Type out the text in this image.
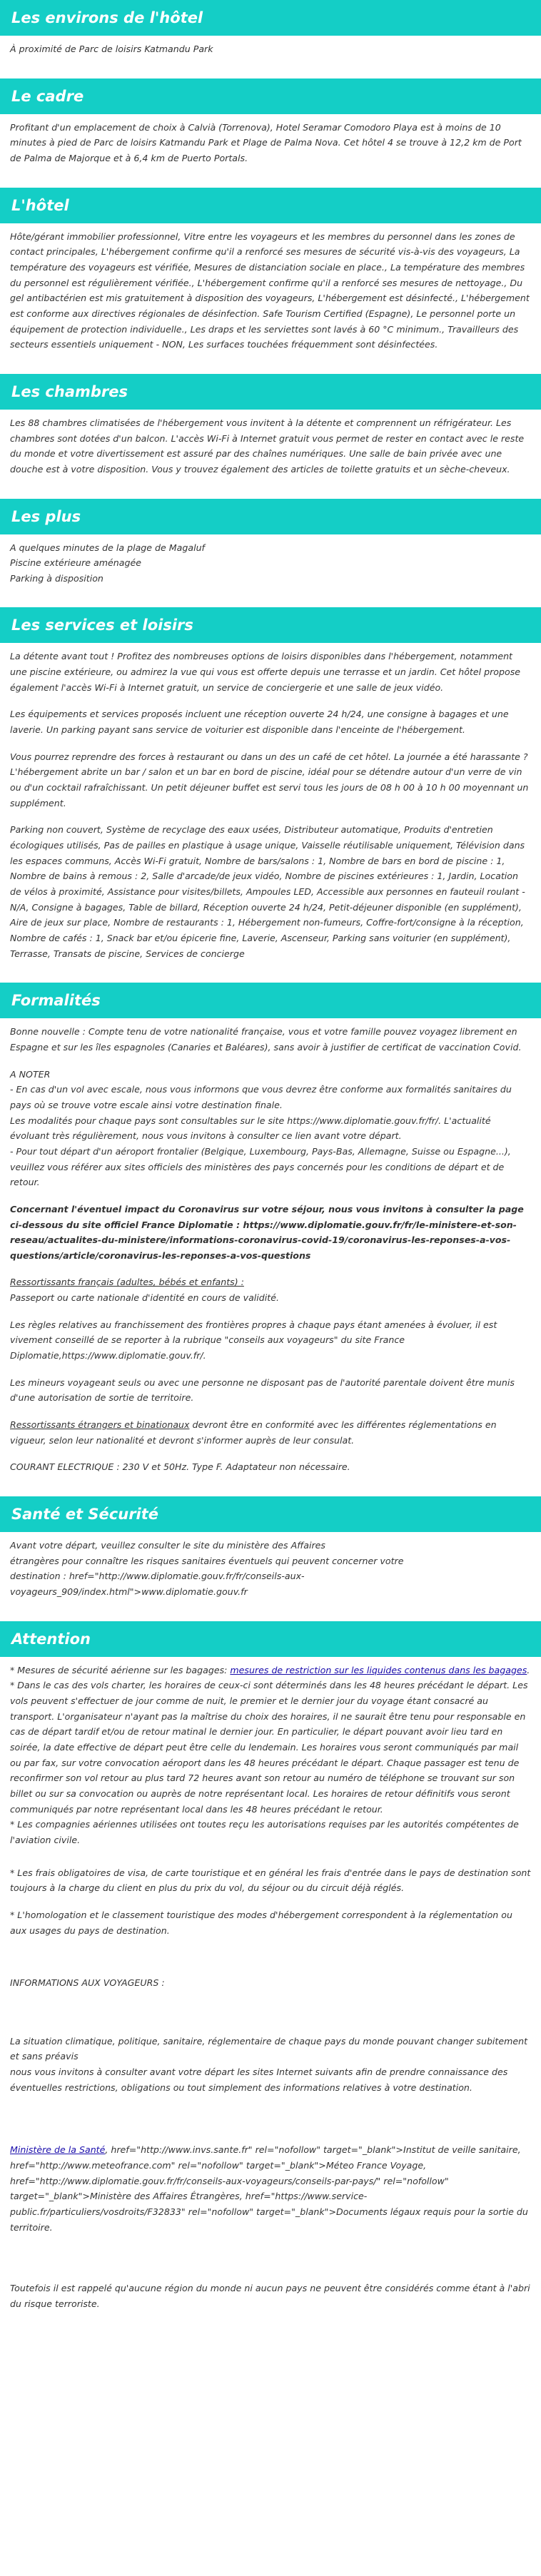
Les environs de l'hôtel

À proximité de Parc de loisirs Katmandu Park

Le cadre

Profitant d'un emplacement de choix à Calvià (Torrenova), Hotel Seramar Comodoro Playa est à moins de 10 minutes à pied de Parc de loisirs Katmandu Park et Plage de Palma Nova. Cet hôtel 4 se trouve à 12,2 km de Port de Palma de Majorque et à 6,4 km de Puerto Portals.

L'hôtel

Hôte/gérant immobilier professionnel, Vitre entre les voyageurs et les membres du personnel dans les zones de contact principales, L'hébergement confirme qu'il a renforcé ses mesures de sécurité vis-à-vis des voyageurs, La température des voyageurs est vérifiée, Mesures de distanciation sociale en place., La température des membres du personnel est régulièrement vérifiée., L'hébergement confirme qu'il a renforcé ses mesures de nettoyage., Du gel antibactérien est mis gratuitement à disposition des voyageurs, L'hébergement est désinfecté., L'hébergement est conforme aux directives régionales de désinfection. Safe Tourism Certified (Espagne), Le personnel porte un équipement de protection individuelle., Les draps et les serviettes sont lavés à 60 °C minimum., Travailleurs des secteurs essentiels uniquement - NON, Les surfaces touchées fréquemment sont désinfectées.

Les chambres

Les 88 chambres climatisées de l'hébergement vous invitent à la détente et comprennent un réfrigérateur. Les chambres sont dotées d'un balcon. L'accès Wi-Fi à Internet gratuit vous permet de rester en contact avec le reste du monde et votre divertissement est assuré par des chaînes numériques. Une salle de bain privée avec une douche est à votre disposition. Vous y trouvez également des articles de toilette gratuits et un sèche-cheveux.

Les plus

A quelques minutes de la plage de Magaluf
Piscine extérieure aménagée
Parking à disposition

Les services et loisirs

La détente avant tout ! Profitez des nombreuses options de loisirs disponibles dans l'hébergement, notamment une piscine extérieure, ou admirez la vue qui vous est offerte depuis une terrasse et un jardin. Cet hôtel propose également l'accès Wi-Fi à Internet gratuit, un service de conciergerie et une salle de jeux vidéo.

Les équipements et services proposés incluent une réception ouverte 24 h/24, une consigne à bagages et une laverie. Un parking payant sans service de voiturier est disponible dans l'enceinte de l'hébergement.

Vous pourrez reprendre des forces à restaurant ou dans un des un café de cet hôtel. La journée a été harassante ? L'hébergement abrite un bar / salon et un bar en bord de piscine, idéal pour se détendre autour d'un verre de vin ou d'un cocktail rafraîchissant. Un petit déjeuner buffet est servi tous les jours de 08 h 00 à 10 h 00 moyennant un supplément.

Parking non couvert, Système de recyclage des eaux usées, Distributeur automatique, Produits d'entretien écologiques utilisés, Pas de pailles en plastique à usage unique, Vaisselle réutilisable uniquement, Télévision dans les espaces communs, Accès Wi-Fi gratuit, Nombre de bars/salons : 1, Nombre de bars en bord de piscine : 1, Nombre de bains à remous : 2, Salle d'arcade/de jeux vidéo, Nombre de piscines extérieures : 1, Jardin, Location de vélos à proximité, Assistance pour visites/billets, Ampoules LED, Accessible aux personnes en fauteuil roulant - N/A, Consigne à bagages, Table de billard, Réception ouverte 24 h/24, Petit-déjeuner disponible (en supplément), Aire de jeux sur place, Nombre de restaurants : 1, Hébergement non-fumeurs, Coffre-fort/consigne à la réception, Nombre de cafés : 1, Snack bar et/ou épicerie fine, Laverie, Ascenseur, Parking sans voiturier (en supplément), Terrasse, Transats de piscine, Services de concierge

Formalités

Bonne nouvelle : Compte tenu de votre nationalité française, vous et votre famille pouvez voyagez librement en Espagne et sur les îles espagnoles (Canaries et Baléares), sans avoir à justifier de certificat de vaccination Covid.

A NOTER
- En cas d'un vol avec escale, nous vous informons que vous devrez être conforme aux formalités sanitaires du pays où se trouve votre escale ainsi votre destination finale.
Les modalités pour chaque pays sont consultables sur le site https://www.diplomatie.gouv.fr/fr/. L'actualité évoluant très régulièrement, nous vous invitons à consulter ce lien avant votre départ.
- Pour tout départ d'un aéroport frontalier (Belgique, Luxembourg, Pays-Bas, Allemagne, Suisse ou Espagne...), veuillez vous référer aux sites officiels des ministères des pays concernés pour les conditions de départ et de retour.

Concernant l'éventuel impact du Coronavirus sur votre séjour, nous vous invitons à consulter la page ci-dessous du site officiel France Diplomatie : https://www.diplomatie.gouv.fr/fr/le-ministere-et-son-reseau/actualites-du-ministere/informations-coronavirus-covid-19/coronavirus-les-reponses-a-vos-questions/article/coronavirus-les-reponses-a-vos-questions

Ressortissants français (adultes, bébés et enfants) :
Passeport ou carte nationale d'identité en cours de validité.

Les règles relatives au franchissement des frontières propres à chaque pays étant amenées à évoluer, il est vivement conseillé de se reporter à la rubrique "conseils aux voyageurs" du site France Diplomatie,https://www.diplomatie.gouv.fr/.

Les mineurs voyageant seuls ou avec une personne ne disposant pas de l'autorité parentale doivent être munis d'une autorisation de sortie de territoire.

Ressortissants étrangers et binationaux devront être en conformité avec les différentes réglementations en vigueur, selon leur nationalité et devront s'informer auprès de leur consulat.

COURANT ELECTRIQUE : 230 V et 50Hz. Type F. Adaptateur non nécessaire.

Santé et Sécurité

Avant votre départ, veuillez consulter le site du ministère des Affaires
étrangères pour connaître les risques sanitaires éventuels qui peuvent concerner votre
destination : href="http://www.diplomatie.gouv.fr/fr/conseils-aux-voyageurs_909/index.html">www.diplomatie.gouv.fr

Attention

* Mesures de sécurité aérienne sur les bagages: mesures de restriction sur les liquides contenus dans les bagages.
* Dans le cas des vols charter, les horaires de ceux-ci sont déterminés dans les 48 heures précédant le départ. Les vols peuvent s'effectuer de jour comme de nuit, le premier et le dernier jour du voyage étant consacré au transport. L'organisateur n'ayant pas la maîtrise du choix des horaires, il ne saurait être tenu pour responsable en cas de départ tardif et/ou de retour matinal le dernier jour. En particulier, le départ pouvant avoir lieu tard en soirée, la date effective de départ peut être celle du lendemain. Les horaires vous seront communiqués par mail ou par fax, sur votre convocation aéroport dans les 48 heures précédant le départ. Chaque passager est tenu de reconfirmer son vol retour au plus tard 72 heures avant son retour au numéro de téléphone se trouvant sur son billet ou sur sa convocation ou auprès de notre représentant local. Les horaires de retour définitifs vous seront communiqués par notre représentant local dans les 48 heures précédant le retour.
* Les compagnies aériennes utilisées ont toutes reçu les autorisations requises par les autorités compétentes de l'aviation civile.

* Les frais obligatoires de visa, de carte touristique et en général les frais d'entrée dans le pays de destination sont toujours à la charge du client en plus du prix du vol, du séjour ou du circuit déjà réglés.

* L'homologation et le classement touristique des modes d'hébergement correspondent à la réglementation ou aux usages du pays de destination.

INFORMATIONS AUX VOYAGEURS :

La situation climatique, politique, sanitaire, réglementaire de chaque pays du monde pouvant changer subitement et sans préavis
nous vous invitons à consulter avant votre départ les sites Internet suivants afin de prendre connaissance des éventuelles restrictions, obligations ou tout simplement des informations relatives à votre destination.

Ministère de la Santé, href="http://www.invs.sante.fr" rel="nofollow" target="_blank">Institut de veille sanitaire, href="http://www.meteofrance.com" rel="nofollow" target="_blank">Méteo France Voyage, href="http://www.diplomatie.gouv.fr/fr/conseils-aux-voyageurs/conseils-par-pays/" rel="nofollow" target="_blank">Ministère des Affaires Étrangères, href="https://www.service-public.fr/particuliers/vosdroits/F32833" rel="nofollow" target="_blank">Documents légaux requis pour la sortie du territoire.

Toutefois il est rappelé qu'aucune région du monde ni aucun pays ne peuvent être considérés comme étant à l'abri du risque terroriste.
